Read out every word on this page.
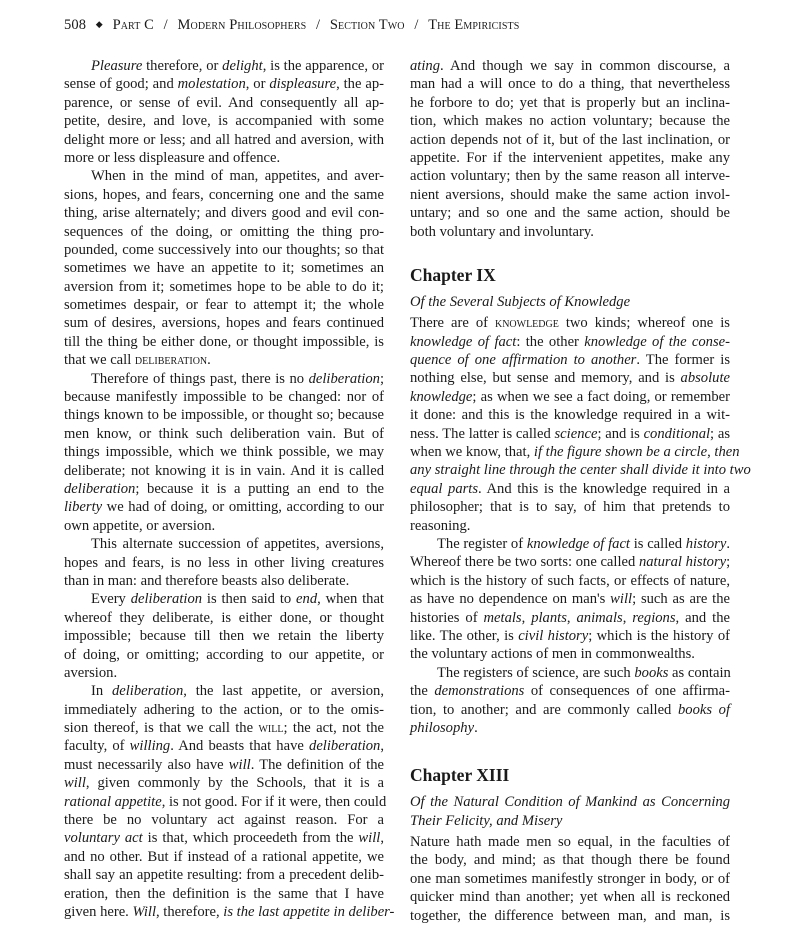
508 ◆ Part C / Modern Philosophers / Section Two / The Empiricists
Pleasure therefore, or delight, is the apparence, or
sense of good; and molestation, or displeasure, the ap-
parence, or sense of evil. And consequently all ap-
petite, desire, and love, is accompanied with some
delight more or less; and all hatred and aversion, with
more or less displeasure and offence.
When in the mind of man, appetites, and aver-
sions, hopes, and fears, concerning one and the same
thing, arise alternately; and divers good and evil con-
sequences of the doing, or omitting the thing pro-
pounded, come successively into our thoughts; so that
sometimes we have an appetite to it; sometimes an
aversion from it; sometimes hope to be able to do it;
sometimes despair, or fear to attempt it; the whole
sum of desires, aversions, hopes and fears continued
till the thing be either done, or thought impossible, is
that we call deliberation.
Therefore of things past, there is no deliberation;
because manifestly impossible to be changed: nor of
things known to be impossible, or thought so; because
men know, or think such deliberation vain. But of
things impossible, which we think possible, we may
deliberate; not knowing it is in vain. And it is called
deliberation; because it is a putting an end to the
liberty we had of doing, or omitting, according to our
own appetite, or aversion.
This alternate succession of appetites, aversions,
hopes and fears, is no less in other living creatures
than in man: and therefore beasts also deliberate.
Every deliberation is then said to end, when that
whereof they deliberate, is either done, or thought
impossible; because till then we retain the liberty
of doing, or omitting; according to our appetite, or
aversion.
In deliberation, the last appetite, or aversion,
immediately adhering to the action, or to the omis-
sion thereof, is that we call the will; the act, not the
faculty, of willing. And beasts that have deliberation,
must necessarily also have will. The definition of the
will, given commonly by the Schools, that it is a
rational appetite, is not good. For if it were, then could
there be no voluntary act against reason. For a
voluntary act is that, which proceedeth from the will,
and no other. But if instead of a rational appetite, we
shall say an appetite resulting: from a precedent delib-
eration, then the definition is the same that I have
given here. Will, therefore, is the last appetite in deliber-
ating. And though we say in common discourse, a
man had a will once to do a thing, that nevertheless
he forbore to do; yet that is properly but an inclina-
tion, which makes no action voluntary; because the
action depends not of it, but of the last inclination, or
appetite. For if the intervenient appetites, make any
action voluntary; then by the same reason all interve-
nient aversions, should make the same action invol-
untary; and so one and the same action, should be
both voluntary and involuntary.
Chapter IX
Of the Several Subjects of Knowledge
There are of knowledge two kinds; whereof one is
knowledge of fact: the other knowledge of the conse-
quence of one affirmation to another. The former is
nothing else, but sense and memory, and is absolute
knowledge; as when we see a fact doing, or remember
it done: and this is the knowledge required in a wit-
ness. The latter is called science; and is conditional; as
when we know, that, if the figure shown be a circle, then
any straight line through the center shall divide it into two
equal parts. And this is the knowledge required in a
philosopher; that is to say, of him that pretends to
reasoning.
The register of knowledge of fact is called history.
Whereof there be two sorts: one called natural history;
which is the history of such facts, or effects of nature,
as have no dependence on man's will; such as are the
histories of metals, plants, animals, regions, and the
like. The other, is civil history; which is the history of
the voluntary actions of men in commonwealths.
The registers of science, are such books as contain
the demonstrations of consequences of one affirma-
tion, to another; and are commonly called books of
philosophy.
Chapter XIII
Of the Natural Condition of Mankind as Concerning
Their Felicity, and Misery
Nature hath made men so equal, in the faculties of
the body, and mind; as that though there be found
one man sometimes manifestly stronger in body, or of
quicker mind than another; yet when all is reckoned
together, the difference between man, and man, is
